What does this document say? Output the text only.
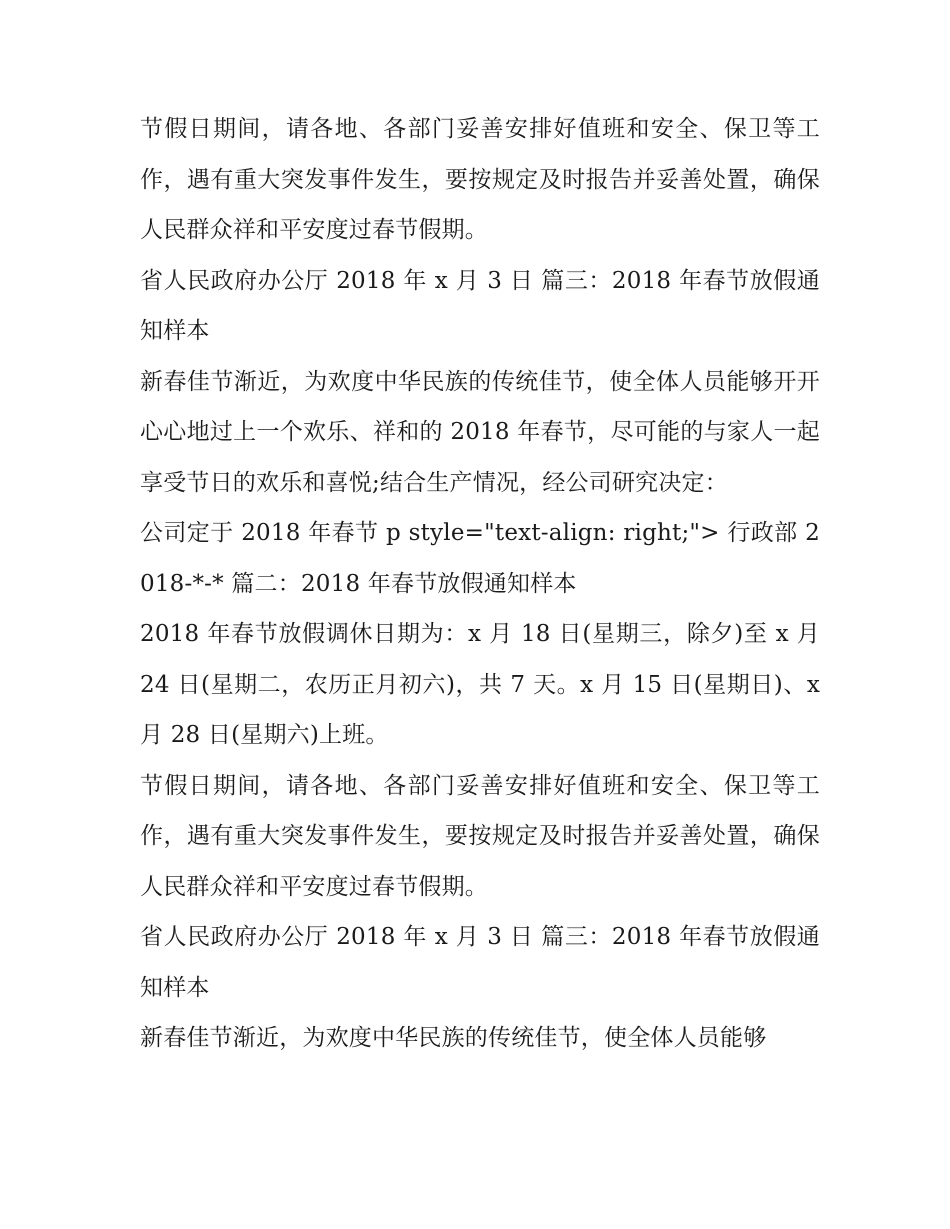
节假日期间，请各地、各部门妥善安排好值班和安全、保卫等工作，遇有重大突发事件发生，要按规定及时报告并妥善处置，确保人民群众祥和平安度过春节假期。

省人民政府办公厅 2018 年 x 月 3 日 篇三：2018 年春节放假通知样本

新春佳节渐近，为欢度中华民族的传统佳节，使全体人员能够开开心心地过上一个欢乐、祥和的 2018 年春节，尽可能的与家人一起享受节日的欢乐和喜悦;结合生产情况，经公司研究决定：

公司定于 2018 年春节 p style="text-align: right;"> 行政部 2018-*-* 篇二：2018 年春节放假通知样本

2018 年春节放假调休日期为：x 月 18 日(星期三，除夕)至 x 月 24 日(星期二，农历正月初六)，共 7 天。x 月 15 日(星期日)、x 月 28 日(星期六)上班。

节假日期间，请各地、各部门妥善安排好值班和安全、保卫等工作，遇有重大突发事件发生，要按规定及时报告并妥善处置，确保人民群众祥和平安度过春节假期。

省人民政府办公厅 2018 年 x 月 3 日 篇三：2018 年春节放假通知样本

新春佳节渐近，为欢度中华民族的传统佳节，使全体人员能够
